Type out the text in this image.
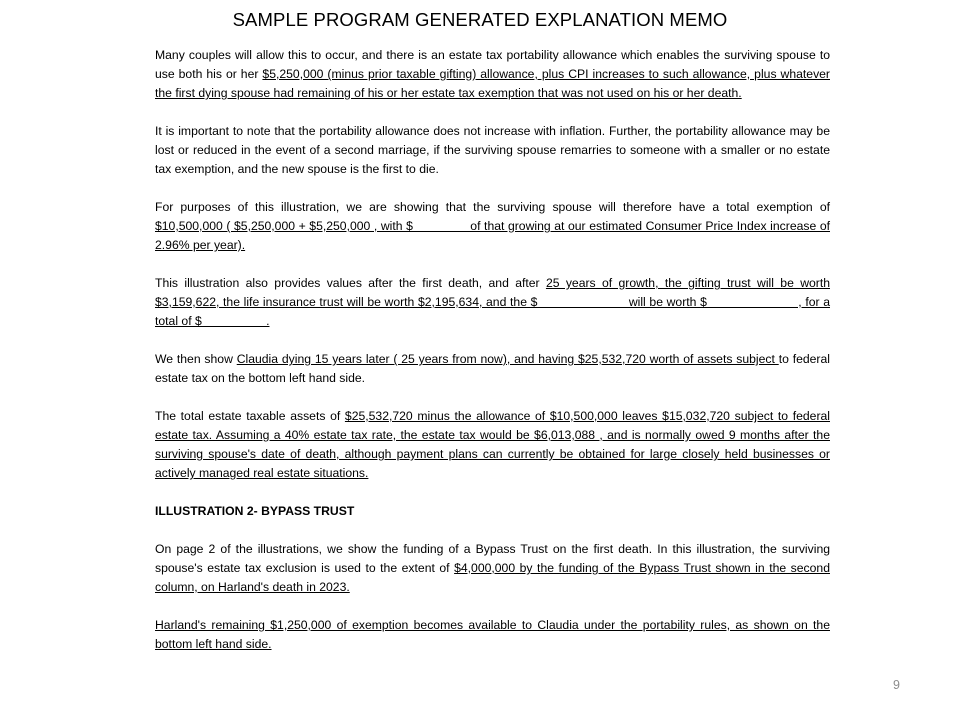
SAMPLE PROGRAM GENERATED EXPLANATION MEMO

Many couples will allow this to occur, and there is an estate tax portability allowance which enables the surviving spouse to use both his or her $5,250,000 (minus prior taxable gifting) allowance, plus CPI increases to such allowance, plus whatever the first dying spouse had remaining of his or her estate tax exemption that was not used on his or her death.

It is important to note that the portability allowance does not increase with inflation. Further, the portability allowance may be lost or reduced in the event of a second marriage, if the surviving spouse remarries to someone with a smaller or no estate tax exemption, and the new spouse is the first to die.

For purposes of this illustration, we are showing that the surviving spouse will therefore have a total exemption of $10,500,000 ( $5,250,000 + $5,250,000 , with $                of that growing at our estimated Consumer Price Index increase of 2.96% per year).

This illustration also provides values after the first death, and after 25 years of growth, the gifting trust will be worth $3,159,622, the life insurance trust will be worth $2,195,634, and the $                         will be worth $                         , for a total of $                   .

We then show Claudia dying 15 years later ( 25 years from now), and having $25,532,720 worth of assets subject to federal estate tax on the bottom left hand side.

The total estate taxable assets of $25,532,720 minus the allowance of $10,500,000 leaves $15,032,720 subject to federal estate tax. Assuming a 40% estate tax rate, the estate tax would be $6,013,088 , and is normally owed 9 months after the surviving spouse's date of death, although payment plans can currently be obtained for large closely held businesses or actively managed real estate situations.

ILLUSTRATION 2- BYPASS TRUST

On page 2 of the illustrations, we show the funding of a Bypass Trust on the first death. In this illustration, the surviving spouse's estate tax exclusion is used to the extent of $4,000,000 by the funding of the Bypass Trust shown in the second column, on Harland's death in 2023.

Harland's remaining $1,250,000 of exemption becomes available to Claudia under the portability rules, as shown on the bottom left hand side.

9
